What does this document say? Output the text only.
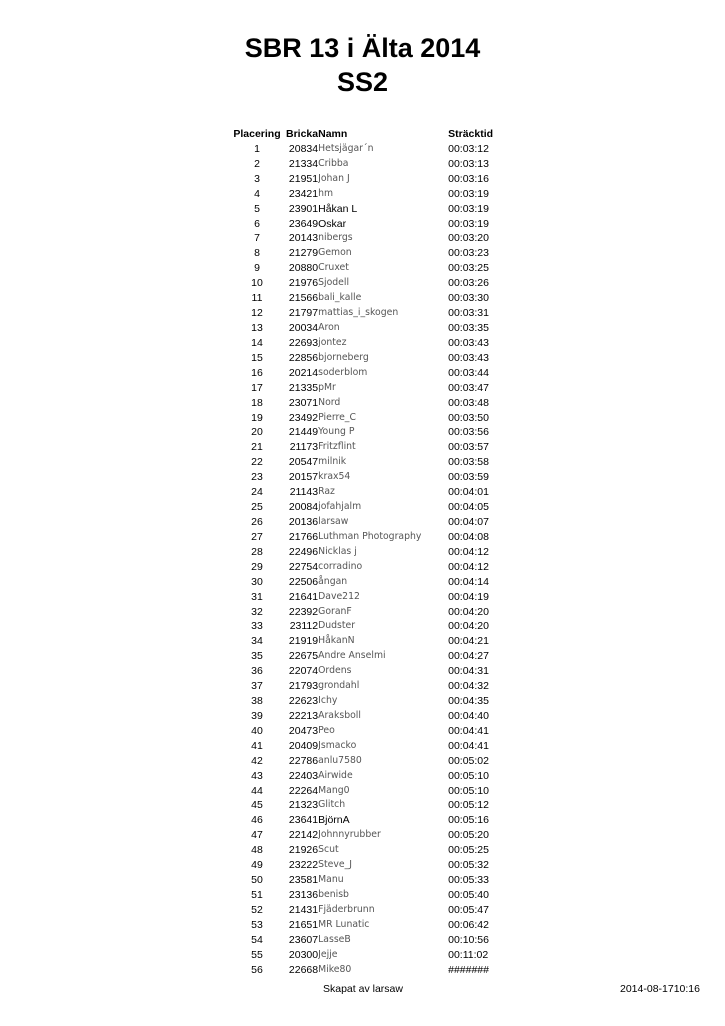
SBR 13 i Älta 2014
SS2
Placering	Bricka	Namn	Sträcktid
1	20834	Hetsjägar´n	00:03:12
2	21334	Cribba	00:03:13
3	21951	Johan J	00:03:16
4	23421	hm	00:03:19
5	23901	Håkan L	00:03:19
6	23649	Oskar	00:03:19
7	20143	nibergs	00:03:20
8	21279	Gemon	00:03:23
9	20880	Cruxet	00:03:25
10	21976	Sjodell	00:03:26
11	21566	bali_kalle	00:03:30
12	21797	mattias_i_skogen	00:03:31
13	20034	Aron	00:03:35
14	22693	jontez	00:03:43
15	22856	bjorneberg	00:03:43
16	20214	soderblom	00:03:44
17	21335	pMr	00:03:47
18	23071	Nord	00:03:48
19	23492	Pierre_C	00:03:50
20	21449	Young P	00:03:56
21	21173	Fritzflint	00:03:57
22	20547	milnik	00:03:58
23	20157	krax54	00:03:59
24	21143	Raz	00:04:01
25	20084	jofahjalm	00:04:05
26	20136	larsaw	00:04:07
27	21766	Luthman Photography	00:04:08
28	22496	Nicklas j	00:04:12
29	22754	corradino	00:04:12
30	22506	ångan	00:04:14
31	21641	Dave212	00:04:19
32	22392	GoranF	00:04:20
33	23112	Dudster	00:04:20
34	21919	HåkanN	00:04:21
35	22675	Andre Anselmi	00:04:27
36	22074	Ordens	00:04:31
37	21793	grondahl	00:04:32
38	22623	Ichy	00:04:35
39	22213	Araksboll	00:04:40
40	20473	Peo	00:04:41
41	20409	Jsmacko	00:04:41
42	22786	anlu7580	00:05:02
43	22403	Airwide	00:05:10
44	22264	Mang0	00:05:10
45	21323	Glitch	00:05:12
46	23641	BjörnA	00:05:16
47	22142	Johnnyrubber	00:05:20
48	21926	Scut	00:05:25
49	23222	Steve_J	00:05:32
50	23581	Manu	00:05:33
51	23136	benisb	00:05:40
52	21431	Fjäderbrunn	00:05:47
53	21651	MR Lunatic	00:06:42
54	23607	LasseB	00:10:56
55	20300	Jejje	00:11:02
56	22668	Mike80	#######
Skapat av larsaw	2014-08-1710:16
